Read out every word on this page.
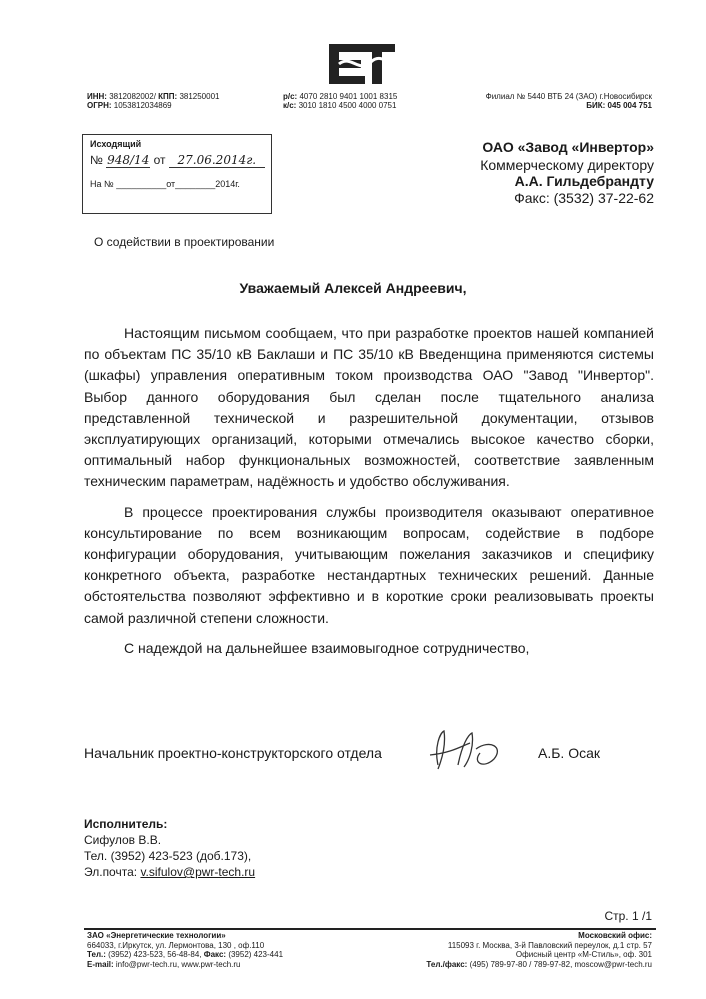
ИНН: 3812082002/ КПП: 381250001
ОГРН: 1053812034869
р/с: 4070 2810 9401 1001 8315
к/с: 3010 1810 4500 4000 0751
Филиал № 5440 ВТБ 24 (ЗАО) г.Новосибирск
БИК: 045 004 751
Исходящий
№ 948/14 от 27.06.2014г.
На № __________от________2014г.
ОАО «Завод «Инвертор»
Коммерческому директору
А.А. Гильдебрандту
Факс: (3532) 37-22-62
О содействии в проектировании
Уважаемый Алексей Андреевич,

Настоящим письмом сообщаем, что при разработке проектов нашей компанией по объектам ПС 35/10 кВ Баклаши и ПС 35/10 кВ Введенщина применяются системы (шкафы) управления оперативным током производства ОАО "Завод "Инвертор". Выбор данного оборудования был сделан после тщательного анализа представленной технической и разрешительной документации, отзывов эксплуатирующих организаций, которыми отмечались высокое качество сборки, оптимальный набор функциональных возможностей, соответствие заявленным техническим параметрам, надёжность и удобство обслуживания.

В процессе проектирования службы производителя оказывают оперативное консультирование по всем возникающим вопросам, содействие в подборе конфигурации оборудования, учитывающим пожелания заказчиков и специфику конкретного объекта, разработке нестандартных технических решений. Данные обстоятельства позволяют эффективно и в короткие сроки реализовывать проекты самой различной степени сложности.

С надеждой на дальнейшее взаимовыгодное сотрудничество,

Начальник проектно-конструкторского отдела	А.Б. Осак
Исполнитель:
Сифулов В.В.
Тел. (3952) 423-523 (доб.173),
Эл.почта: v.sifulov@pwr-tech.ru
Стр. 1 /1
ЗАО «Энергетические технологии»
664033, г.Иркутск, ул. Лермонтова, 130 , оф.110
Тел.: (3952) 423-523, 56-48-84, Факс: (3952) 423-441
E-mail: info@pwr-tech.ru, www.pwr-tech.ru
Московский офис:
115093 г. Москва, 3-й Павловский переулок, д.1 стр. 57
Офисный центр «М-Стиль», оф. 301
Тел./факс: (495) 789-97-80 / 789-97-82, moscow@pwr-tech.ru
